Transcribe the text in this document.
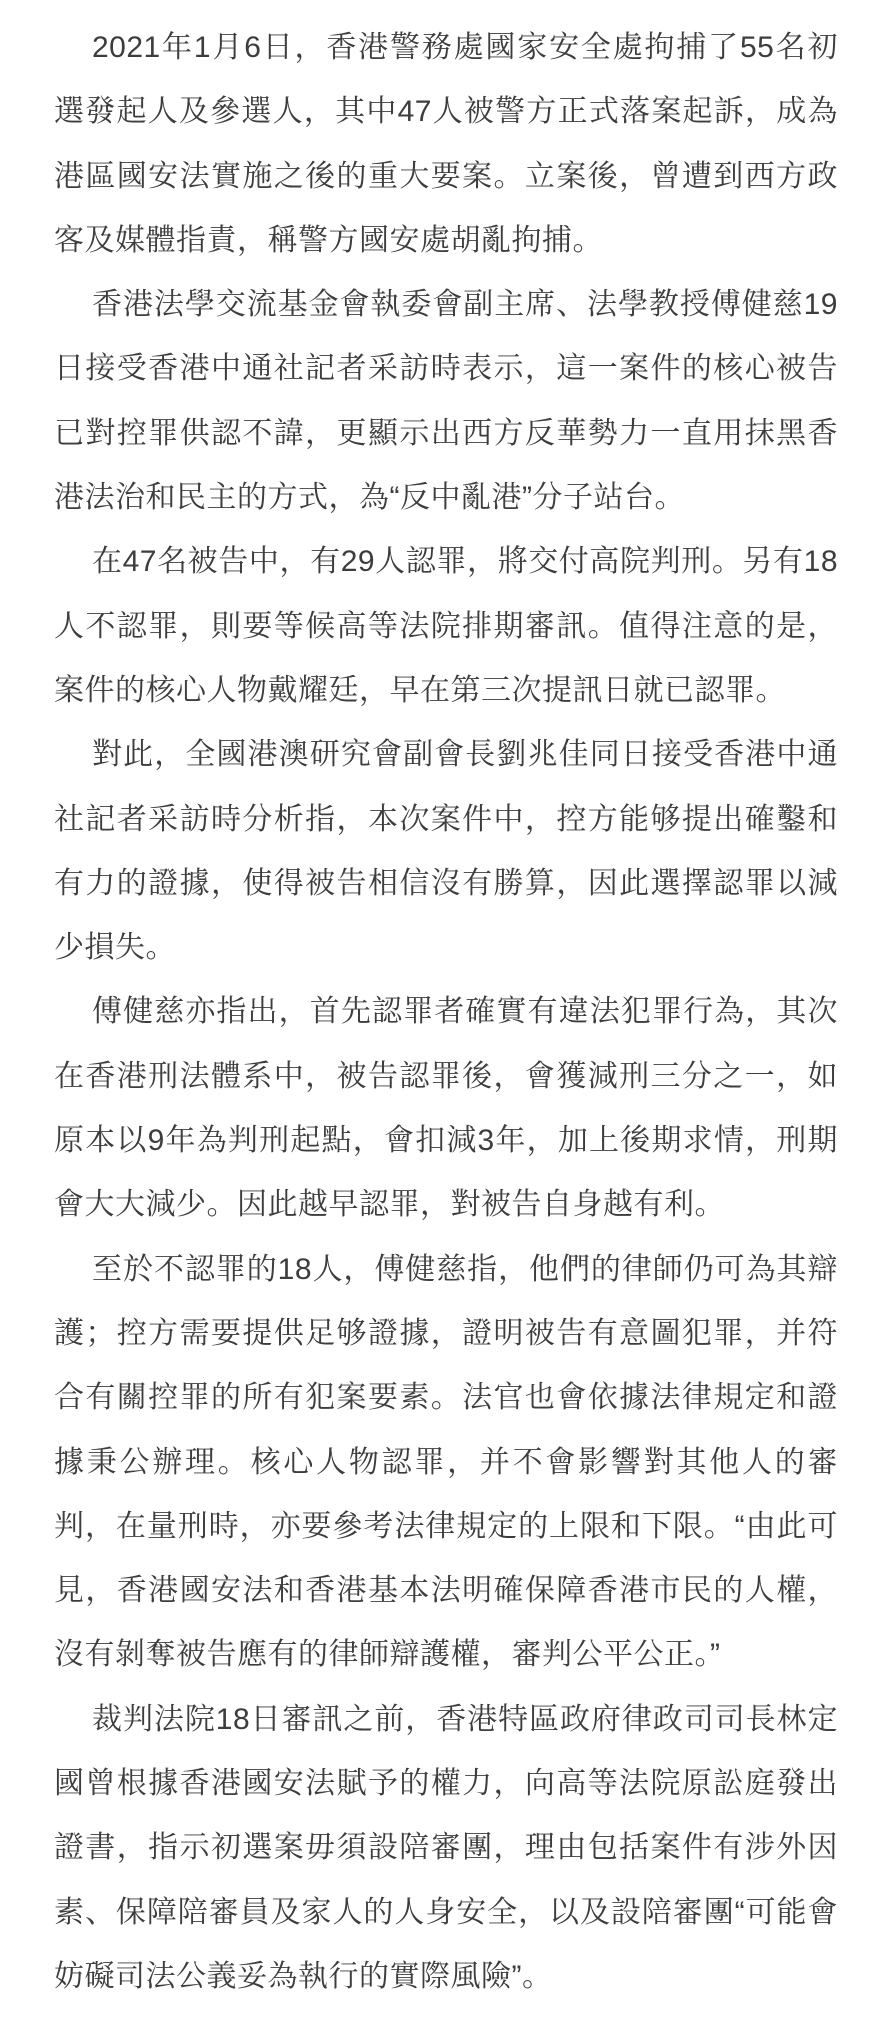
2021年1月6日，香港警務處國家安全處拘捕了55名初選發起人及參選人，其中47人被警方正式落案起訴，成為港區國安法實施之後的重大要案。立案後，曾遭到西方政客及媒體指責，稱警方國安處胡亂拘捕。

香港法學交流基金會執委會副主席、法學教授傅健慈19日接受香港中通社記者采訪時表示，這一案件的核心被告已對控罪供認不諱，更顯示出西方反華勢力一直用抹黑香港法治和民主的方式，為“反中亂港”分子站台。

在47名被告中，有29人認罪，將交付高院判刑。另有18人不認罪，則要等候高等法院排期審訊。值得注意的是，案件的核心人物戴耀廷，早在第三次提訊日就已認罪。

對此，全國港澳研究會副會長劉兆佳同日接受香港中通社記者采訪時分析指，本次案件中，控方能够提出確鑿和有力的證據，使得被告相信沒有勝算，因此選擇認罪以減少損失。

傅健慈亦指出，首先認罪者確實有違法犯罪行為，其次在香港刑法體系中，被告認罪後，會獲減刑三分之一，如原本以9年為判刑起點，會扣減3年，加上後期求情，刑期會大大減少。因此越早認罪，對被告自身越有利。

至於不認罪的18人，傅健慈指，他們的律師仍可為其辯護；控方需要提供足够證據，證明被告有意圖犯罪，并符合有關控罪的所有犯案要素。法官也會依據法律規定和證據秉公辦理。核心人物認罪，并不會影響對其他人的審判，在量刑時，亦要參考法律規定的上限和下限。“由此可見，香港國安法和香港基本法明確保障香港市民的人權，沒有剝奪被告應有的律師辯護權，審判公平公正。”

裁判法院18日審訊之前，香港特區政府律政司司長林定國曾根據香港國安法賦予的權力，向高等法院原訟庭發出證書，指示初選案毋須設陪審團，理由包括案件有涉外因素、保障陪審員及家人的人身安全，以及設陪審團“可能會妨礙司法公義妥為執行的實際風險”。
